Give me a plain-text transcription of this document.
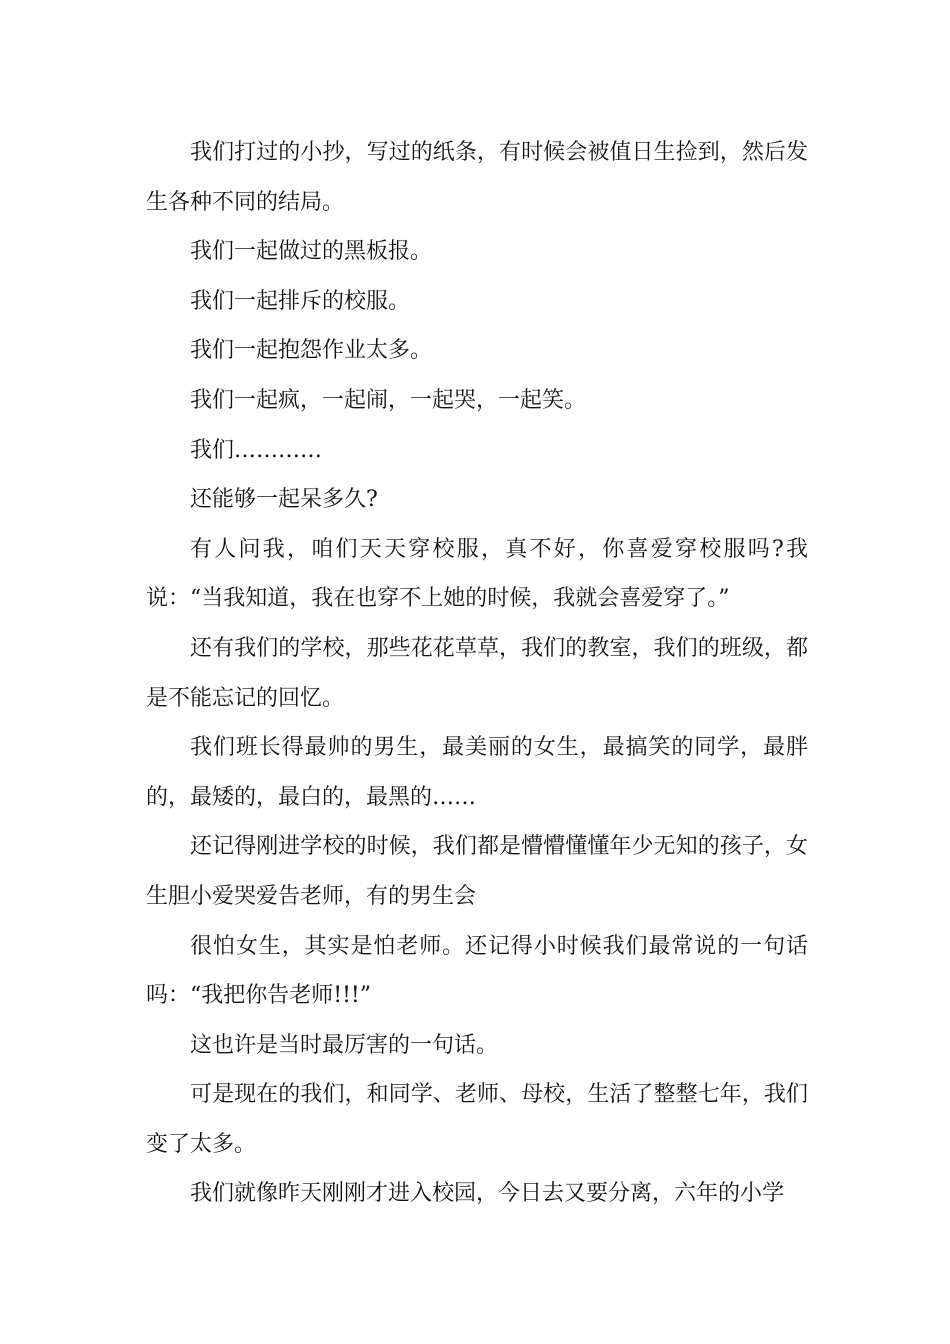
我们打过的小抄，写过的纸条，有时候会被值日生捡到，然后发生各种不同的结局。

我们一起做过的黑板报。

我们一起排斥的校服。

我们一起抱怨作业太多。

我们一起疯，一起闹，一起哭，一起笑。

我们…………

还能够一起呆多久?

有人问我，咱们天天穿校服，真不好，你喜爱穿校服吗?我说：“当我知道，我在也穿不上她的时候，我就会喜爱穿了。”

还有我们的学校，那些花花草草，我们的教室，我们的班级，都是不能忘记的回忆。

我们班长得最帅的男生，最美丽的女生，最搞笑的同学，最胖的，最矮的，最白的，最黑的……

还记得刚进学校的时候，我们都是懵懵懂懂年少无知的孩子，女生胆小爱哭爱告老师，有的男生会

很怕女生，其实是怕老师。还记得小时候我们最常说的一句话吗：“我把你告老师!!!”

这也许是当时最厉害的一句话。

可是现在的我们，和同学、老师、母校，生活了整整七年，我们变了太多。

我们就像昨天刚刚才进入校园，今日去又要分离，六年的小学
